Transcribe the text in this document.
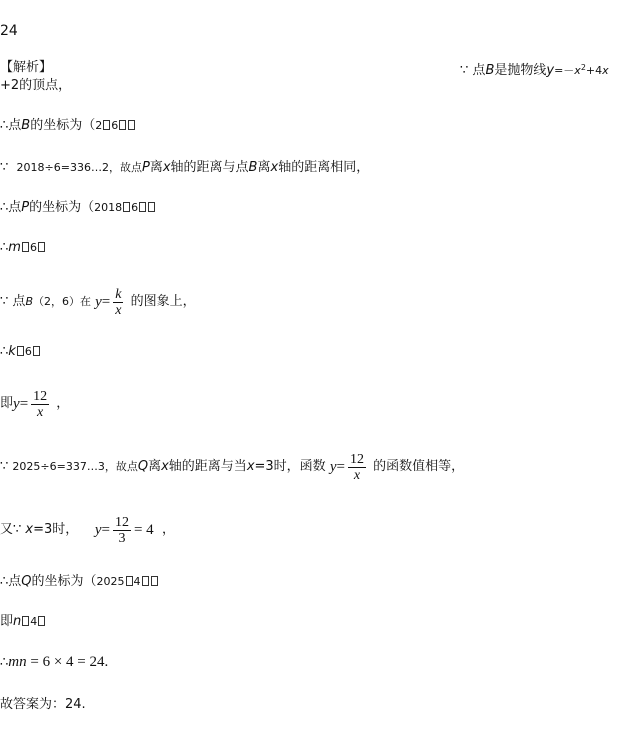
24
【解析】	∵ 点B是抛物线$y=-x^2+4x$
+2的顶点，
∴点B的坐标为（2 6
∵ 2018÷6=336…2，故点P离x轴的距离与点B离x轴的距离相同，
∴点P的坐标为（2018 6
∴m 6
∵
点 B （2，6）在
$y = \frac{k}{x}$
的图象上，
∴k 6
即 $y = \frac{12}{x}$
，
∵
2025÷6=337…3，故点 Q 离 x 轴的距离与当 x =3时，函数
$y = \frac{12}{x}$
的函数值相等，
又∵
x =3时，
$y = \frac{12}{3} = 4$
，
∴点Q的坐标为（2025 4
即n 4
∴mn = 6 × 4 = 24.
故答案为：24.
